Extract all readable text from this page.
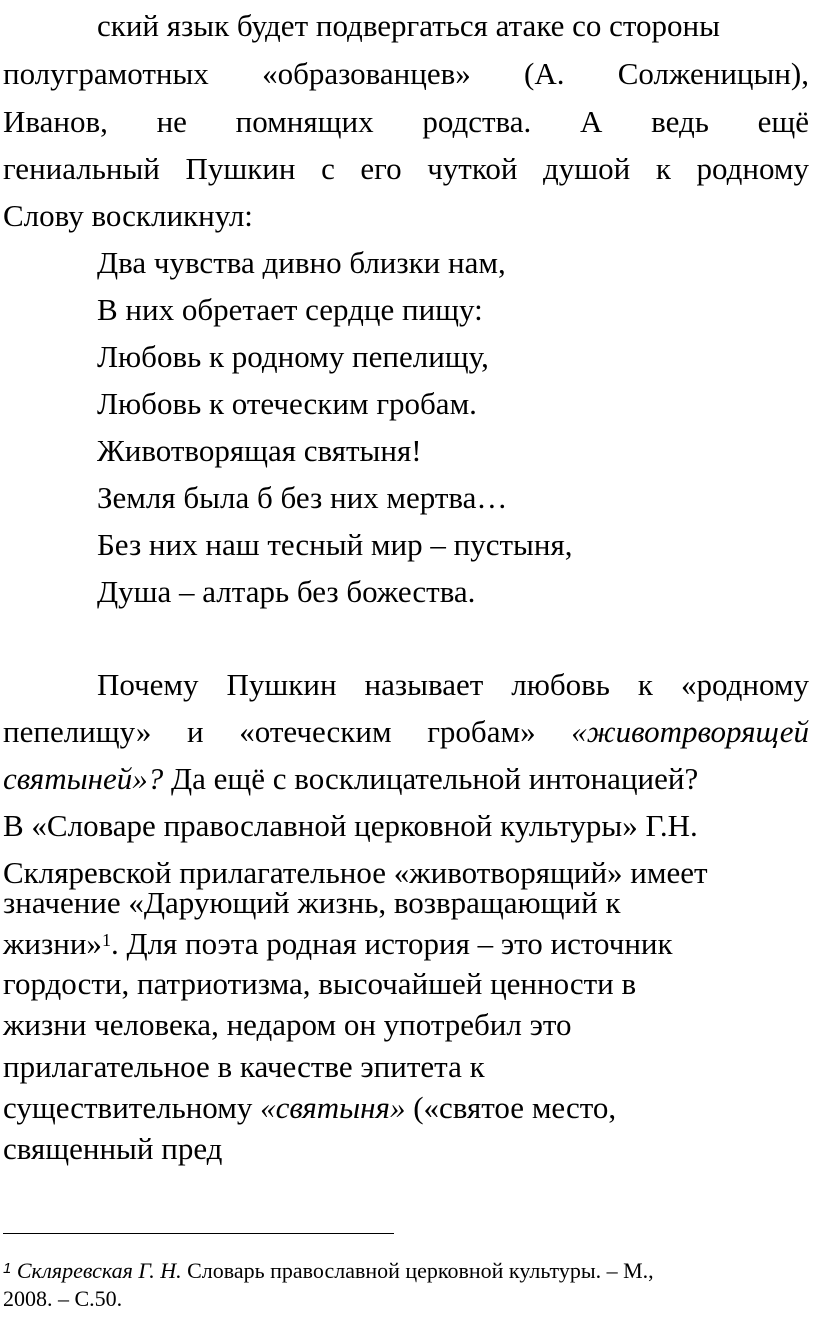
ский язык будет подвергаться атаке со стороны
полуграмотных «образованцев» (А. Солженицын),
Иванов, не помнящих родства. А ведь ещё
гениальный Пушкин с его чуткой душой к родному
Слову воскликнул:
Два чувства дивно близки нам,
В них обретает сердце пищу:
Любовь к родному пепелищу,
Любовь к отеческим гробам.
Животворящая святыня!
Земля была б без них мертва…
Без них наш тесный мир – пустыня,
Душа – алтарь без божества.
Почему Пушкин называет любовь к «родному
пепелищу» и «отеческим гробам» «животрворящей
святыней»? Да ещё с восклицательной интонацией?
В «Словаре православной церковной культуры» Г.Н.
Скляревской прилагательное «животворящий» имеет
значение «Дарующий жизнь, возвращающий к
жизни»$^1$. Для поэта родная история – это источник
гордости, патриотизма, высочайшей ценности в
жизни человека, недаром он употребил это
прилагательное в качестве эпитета к
существительному «святыня» («святое место,
священный пред
$^1$ Скляревская Г. Н. Словарь православной церковной культуры. – М.,
2008. – С.50.
